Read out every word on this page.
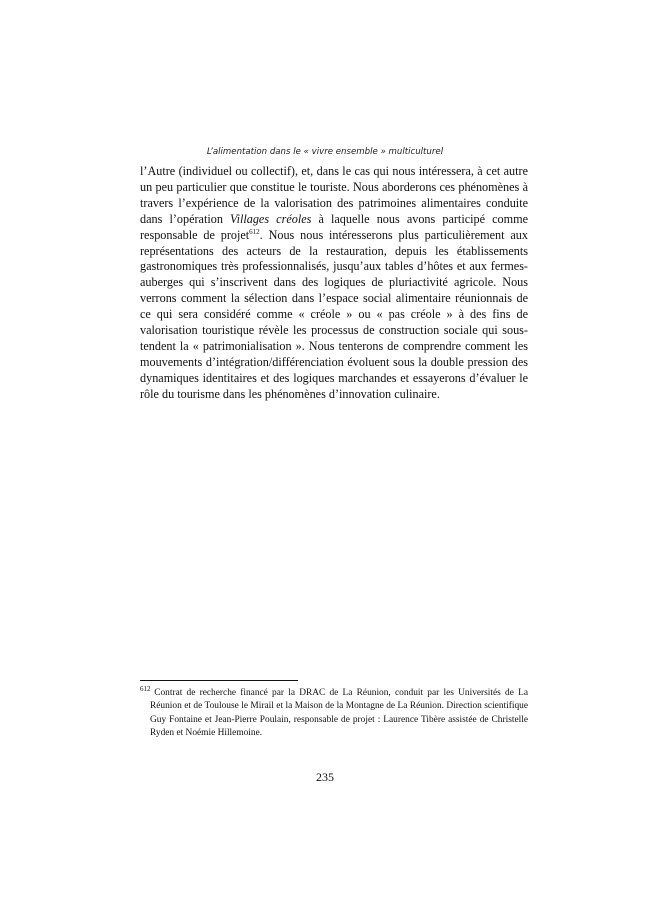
L’alimentation dans le « vivre ensemble » multiculturel

l’Autre (individuel ou collectif), et, dans le cas qui nous intéressera, à cet autre un peu particulier que constitue le touriste. Nous aborderons ces phénomènes à travers l’expérience de la valorisation des patrimoines alimentaires conduite dans l’opération Villages créoles à laquelle nous avons participé comme responsable de projet$^{612}$. Nous nous intéresserons plus particulièrement aux représentations des acteurs de la restauration, depuis les établissements gastronomiques très professionnalisés, jusqu’aux tables d’hôtes et aux fermes-auberges qui s’inscrivent dans des logiques de pluriactivité agricole. Nous verrons comment la sélection dans l’espace social alimentaire réunionnais de ce qui sera considéré comme « créole » ou « pas créole » à des fins de valorisation touristique révèle les processus de construction sociale qui sous-tendent la « patrimonialisation ». Nous tenterons de comprendre comment les mouvements d’intégration/différenciation évoluent sous la double pression des dynamiques identitaires et des logiques marchandes et essayerons d’évaluer le rôle du tourisme dans les phénomènes d’innovation culinaire.

$^{612}$ Contrat de recherche financé par la DRAC de La Réunion, conduit par les Universités de La Réunion et de Toulouse le Mirail et la Maison de la Montagne de La Réunion. Direction scientifique Guy Fontaine et Jean-Pierre Poulain, responsable de projet : Laurence Tibère assistée de Christelle Ryden et Noémie Hillemoine.

235
